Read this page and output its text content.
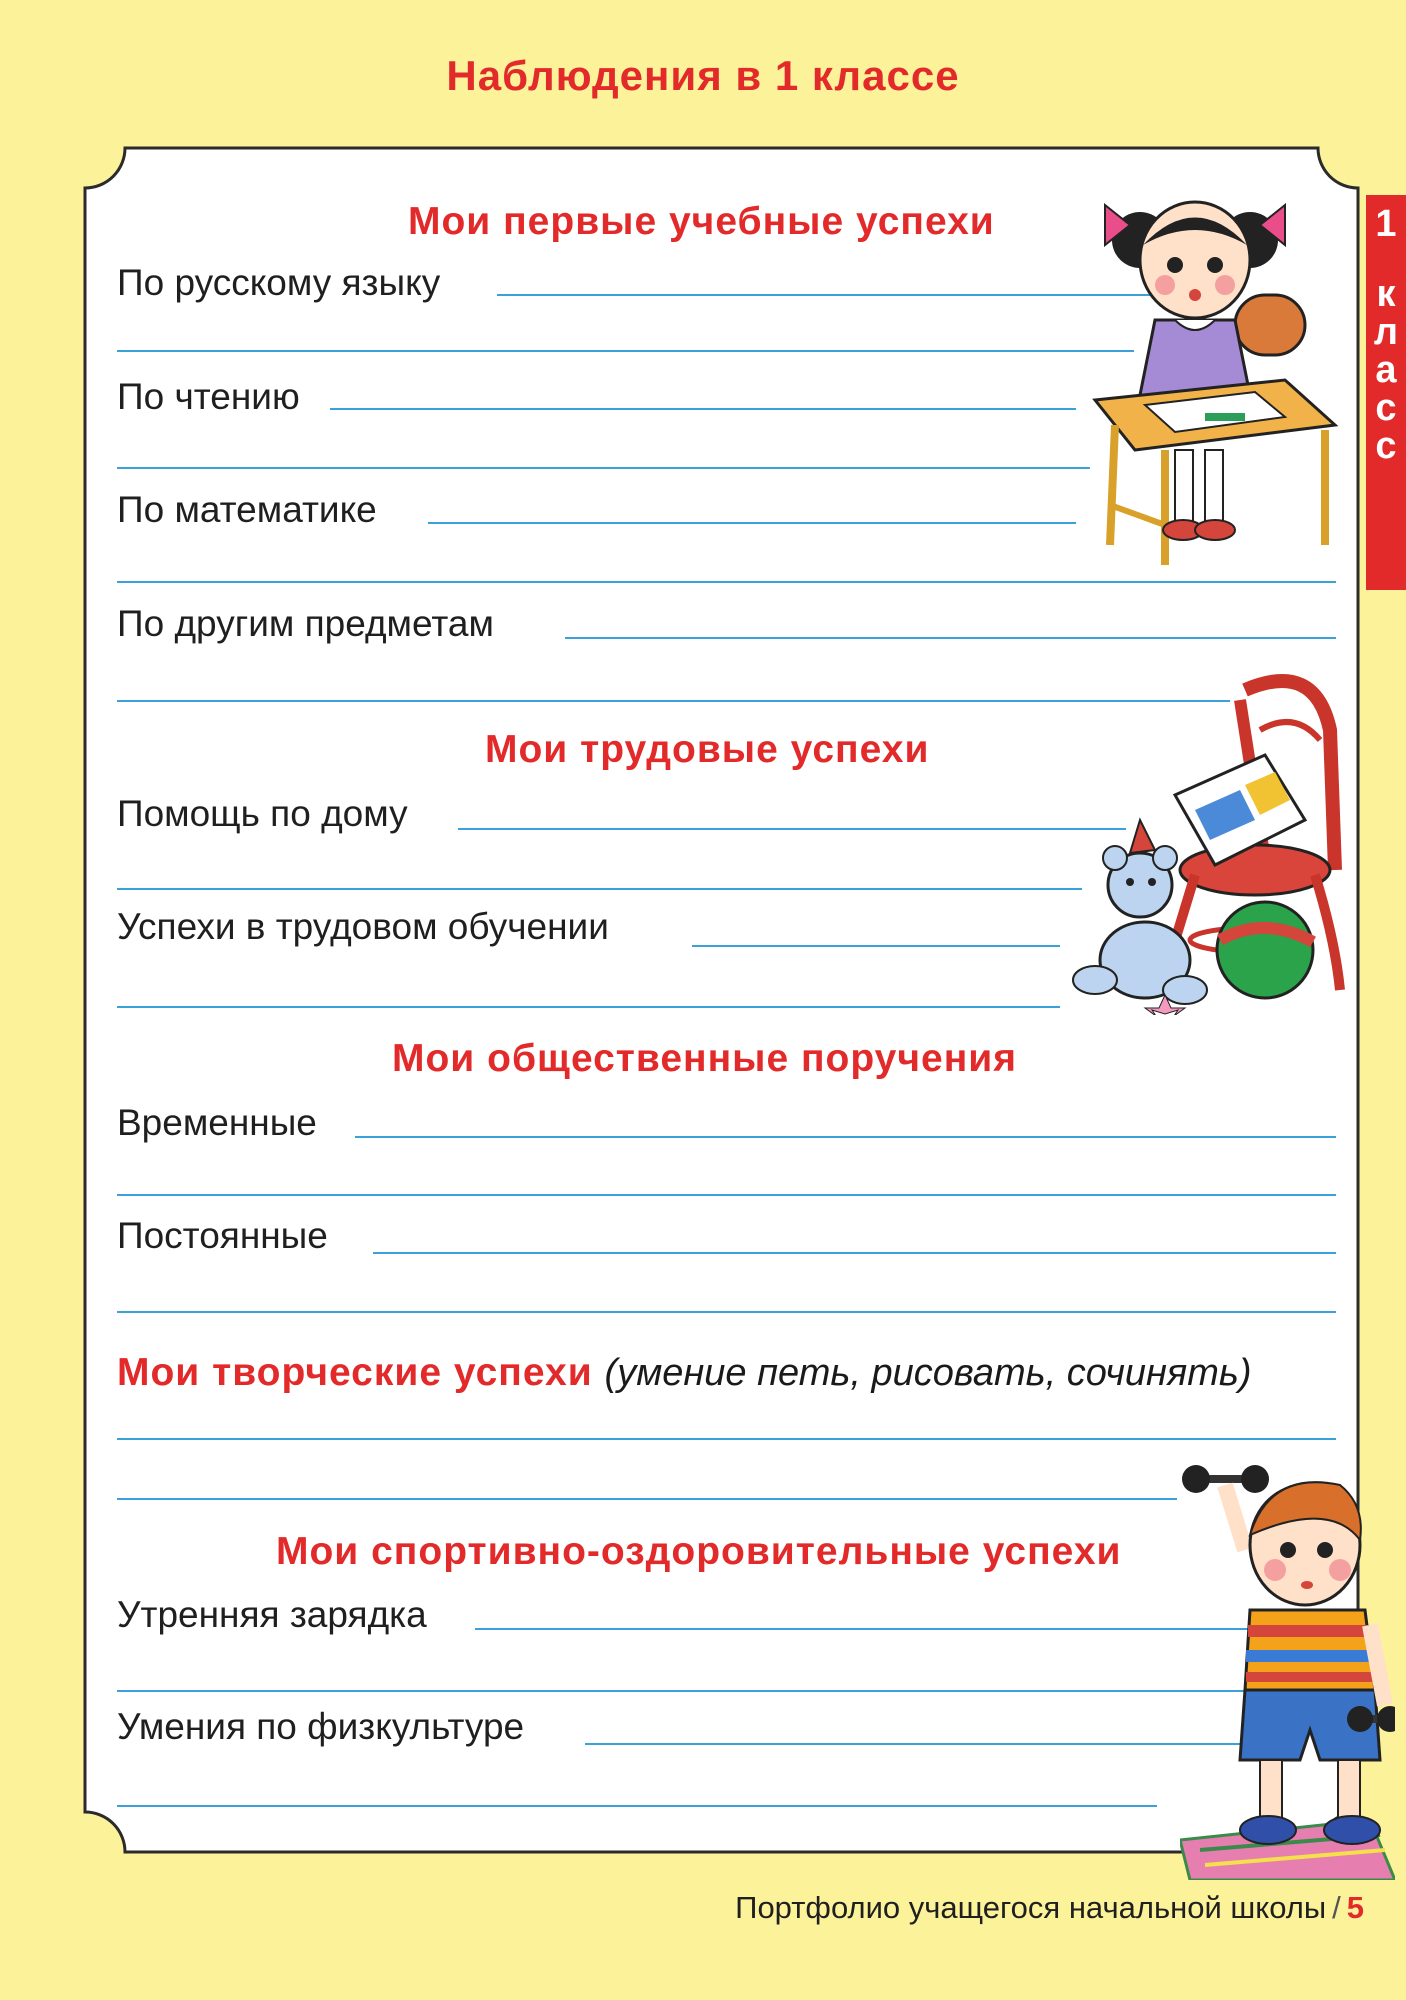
Наблюдения в 1 классе
1
к
л
а
с
с
Мои первые учебные успехи
По русскому языку
По чтению
По математике
По другим предметам
Мои трудовые успехи
Помощь по дому
Успехи в трудовом обучении
Мои общественные поручения
Временные
Постоянные
Мои творческие успехи (умение петь, рисовать, сочинять)
Мои спортивно-оздоровительные успехи
Утренняя зарядка
Умения по физкультуре
Портфолио учащегося начальной школы / 5
